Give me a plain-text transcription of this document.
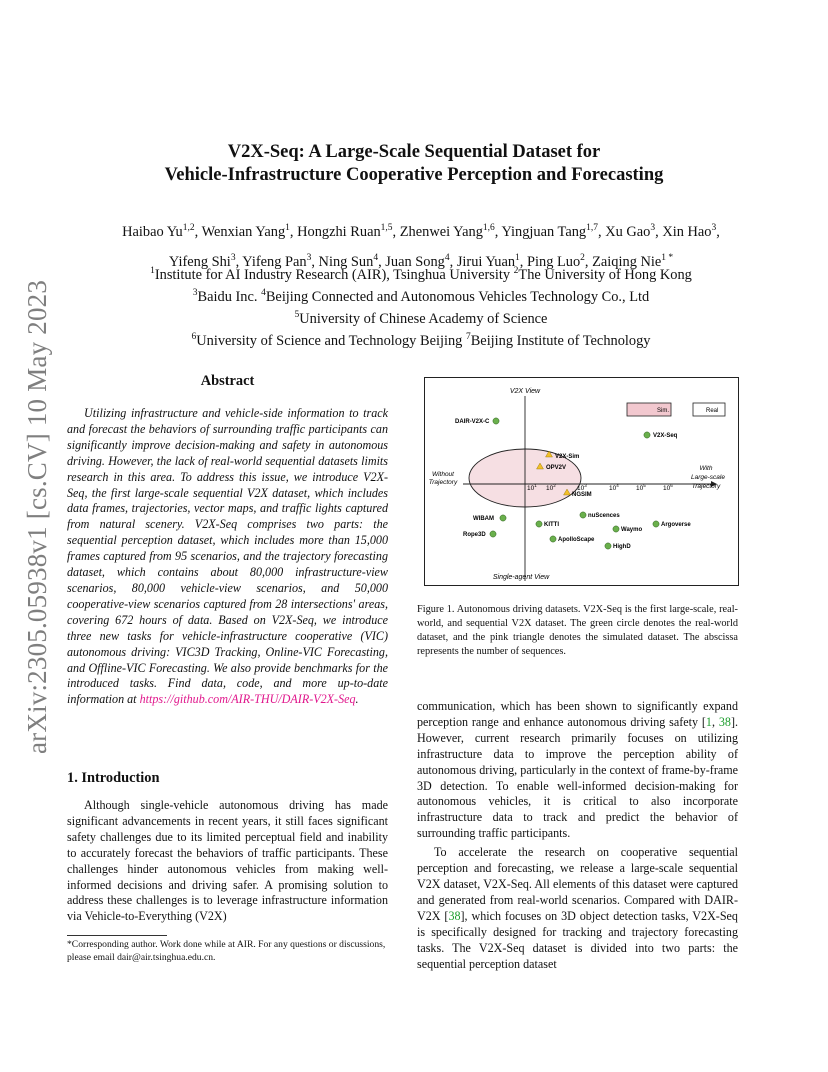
arXiv:2305.05938v1 [cs.CV] 10 May 2023
V2X-Seq: A Large-Scale Sequential Dataset for
Vehicle-Infrastructure Cooperative Perception and Forecasting
Haibao Yu$^{1,2}$, Wenxian Yang$^1$, Hongzhi Ruan$^{1,5}$, Zhenwei Yang$^{1,6}$, Yingjuan Tang$^{1,7}$, Xu Gao$^3$, Xin Hao$^3$,
Yifeng Shi$^3$, Yifeng Pan$^3$, Ning Sun$^4$, Juan Song$^4$, Jirui Yuan$^1$, Ping Luo$^2$, Zaiqing Nie$^{1 *}$
$^1$Institute for AI Industry Research (AIR), Tsinghua University $^2$The University of Hong Kong
$^3$Baidu Inc. $^4$Beijing Connected and Autonomous Vehicles Technology Co., Ltd
$^5$University of Chinese Academy of Science
$^6$University of Science and Technology Beijing $^7$Beijing Institute of Technology
Abstract
Utilizing infrastructure and vehicle-side information to track and forecast the behaviors of surrounding traffic participants can significantly improve decision-making and safety in autonomous driving. However, the lack of real-world sequential datasets limits research in this area. To address this issue, we introduce V2X-Seq, the first large-scale sequential V2X dataset, which includes data frames, trajectories, vector maps, and traffic lights captured from natural scenery. V2X-Seq comprises two parts: the sequential perception dataset, which includes more than 15,000 frames captured from 95 scenarios, and the trajectory forecasting dataset, which contains about 80,000 infrastructure-view scenarios, 80,000 vehicle-view scenarios, and 50,000 cooperative-view scenarios captured from 28 intersections' areas, covering 672 hours of data. Based on V2X-Seq, we introduce three new tasks for vehicle-infrastructure cooperative (VIC) autonomous driving: VIC3D Tracking, Online-VIC Forecasting, and Offline-VIC Forecasting. We also provide benchmarks for the introduced tasks. Find data, code, and more up-to-date information at https://github.com/AIR-THU/DAIR-V2X-Seq.
1. Introduction
Although single-vehicle autonomous driving has made significant advancements in recent years, it still faces significant safety challenges due to its limited perceptual field and inability to accurately forecast the behaviors of traffic participants. These challenges hinder autonomous vehicles from making well-informed decisions and driving safer. A promising solution to address these challenges is to leverage infrastructure information via Vehicle-to-Everything (V2X)
*Corresponding author. Work done while at AIR. For any questions or discussions, please email dair@air.tsinghua.edu.cn.
V2X View
Single-agent View
Without
Trajectory
With
Large-scale
Trajectory
Sim.	Real
$10^1$ $10^2$	$10^3$	$10^4$	$10^5$	$10^6$
DAIR-V2X-C
V2X-Seq
V2X-Sim
OPV2V
NGSIM
nuScences
KITTI
WIBAM
Rope3D
ApolloScape
Waymo
HighD
Argoverse
Figure 1. Autonomous driving datasets. V2X-Seq is the first large-scale, real-world, and sequential V2X dataset. The green circle denotes the real-world dataset, and the pink triangle denotes the simulated dataset. The abscissa represents the number of sequences.

communication, which has been shown to significantly expand perception range and enhance autonomous driving safety [1, 38]. However, current research primarily focuses on utilizing infrastructure data to improve the perception ability of autonomous driving, particularly in the context of frame-by-frame 3D detection. To enable well-informed decision-making for autonomous vehicles, it is critical to also incorporate infrastructure data to track and predict the behavior of surrounding traffic participants.

To accelerate the research on cooperative sequential perception and forecasting, we release a large-scale sequential V2X dataset, V2X-Seq. All elements of this dataset were captured and generated from real-world scenarios. Compared with DAIR-V2X [38], which focuses on 3D object detection tasks, V2X-Seq is specifically designed for tracking and trajectory forecasting tasks. The V2X-Seq dataset is divided into two parts: the sequential perception dataset
